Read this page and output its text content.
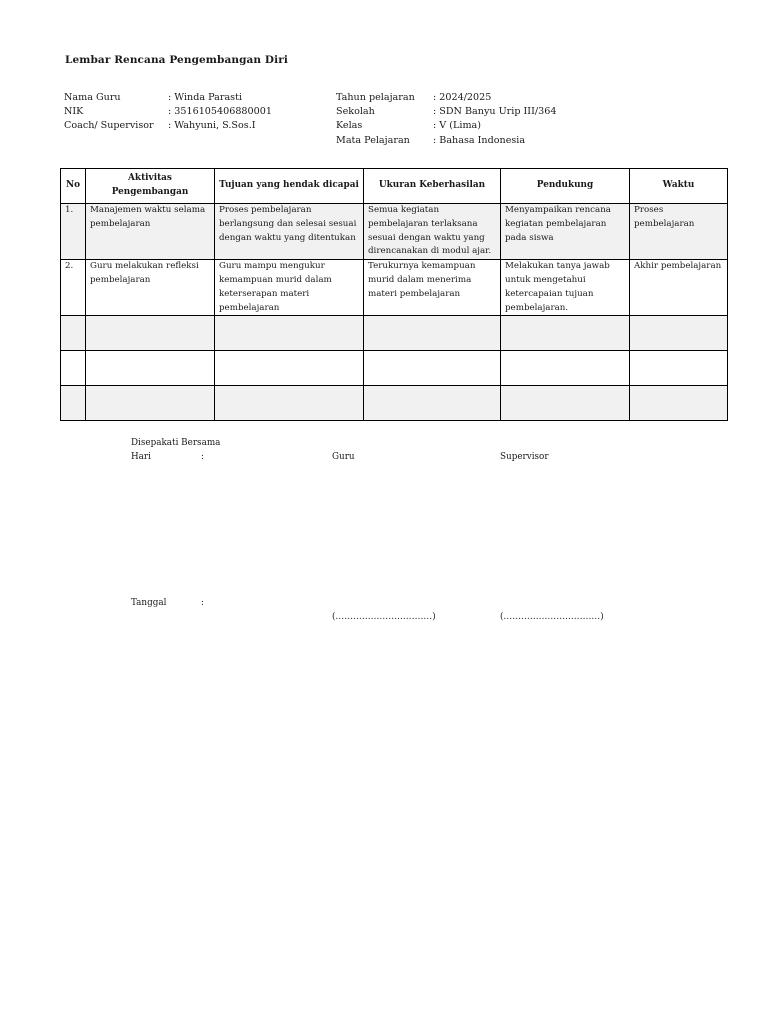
Lembar Rencana Pengembangan Diri
Nama Guru	: Winda Parasti
NIK	: 3516105406880001
Coach/ Supervisor	: Wahyuni, S.Sos.I
Tahun pelajaran	: 2024/2025
Sekolah	: SDN Banyu Urip III/364
Kelas	: V (Lima)
Mata Pelajaran	: Bahasa Indonesia
No	Aktivitas Pengembangan	Tujuan yang hendak dicapai	Ukuran Keberhasilan	Pendukung	Waktu
1.	Manajemen waktu selama pembelajaran	Proses pembelajaran berlangsung dan selesai sesuai dengan waktu yang ditentukan	Semua kegiatan pembelajaran terlaksana sesuai dengan waktu yang direncanakan di modul ajar.	Menyampaikan rencana kegiatan pembelajaran pada siswa	Proses pembelajaran
2.	Guru melakukan refleksi pembelajaran	Guru mampu mengukur kemampuan murid dalam keterserapan materi pembelajaran	Terukurnya kemampuan murid dalam menerima materi pembelajaran	Melakukan tanya jawab untuk mengetahui ketercapaian tujuan pembelajaran.	Akhir pembelajaran

Disepakati Bersama
Hari	:	Guru	Supervisor
Tanggal	:
(……………………………)	(……………………………)
